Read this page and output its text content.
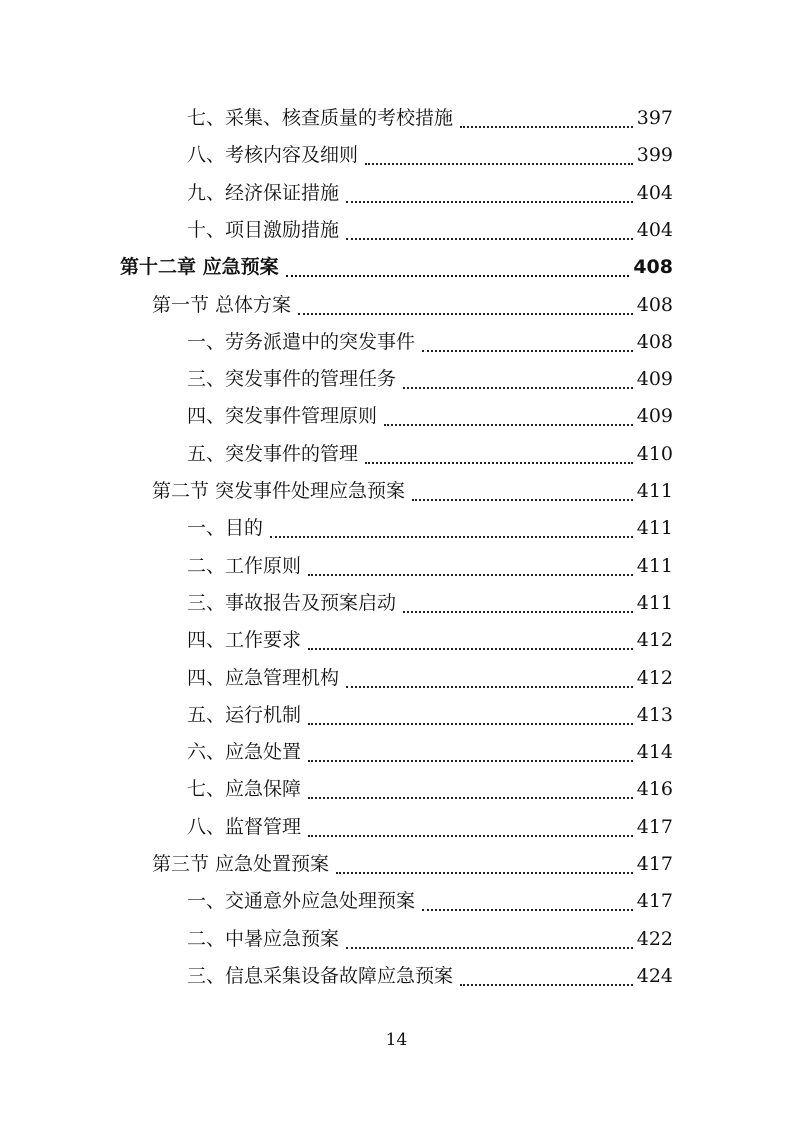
七、采集、核查质量的考校措施	397
八、考核内容及细则	399
九、经济保证措施	404
十、项目激励措施	404
第十二章 应急预案	408
第一节 总体方案	408
一、劳务派遣中的突发事件	408
三、突发事件的管理任务	409
四、突发事件管理原则	409
五、突发事件的管理	410
第二节 突发事件处理应急预案	411
一、目的	411
二、工作原则	411
三、事故报告及预案启动	411
四、工作要求	412
四、应急管理机构	412
五、运行机制	413
六、应急处置	414
七、应急保障	416
八、监督管理	417
第三节 应急处置预案	417
一、交通意外应急处理预案	417
二、中暑应急预案	422
三、信息采集设备故障应急预案	424
14
